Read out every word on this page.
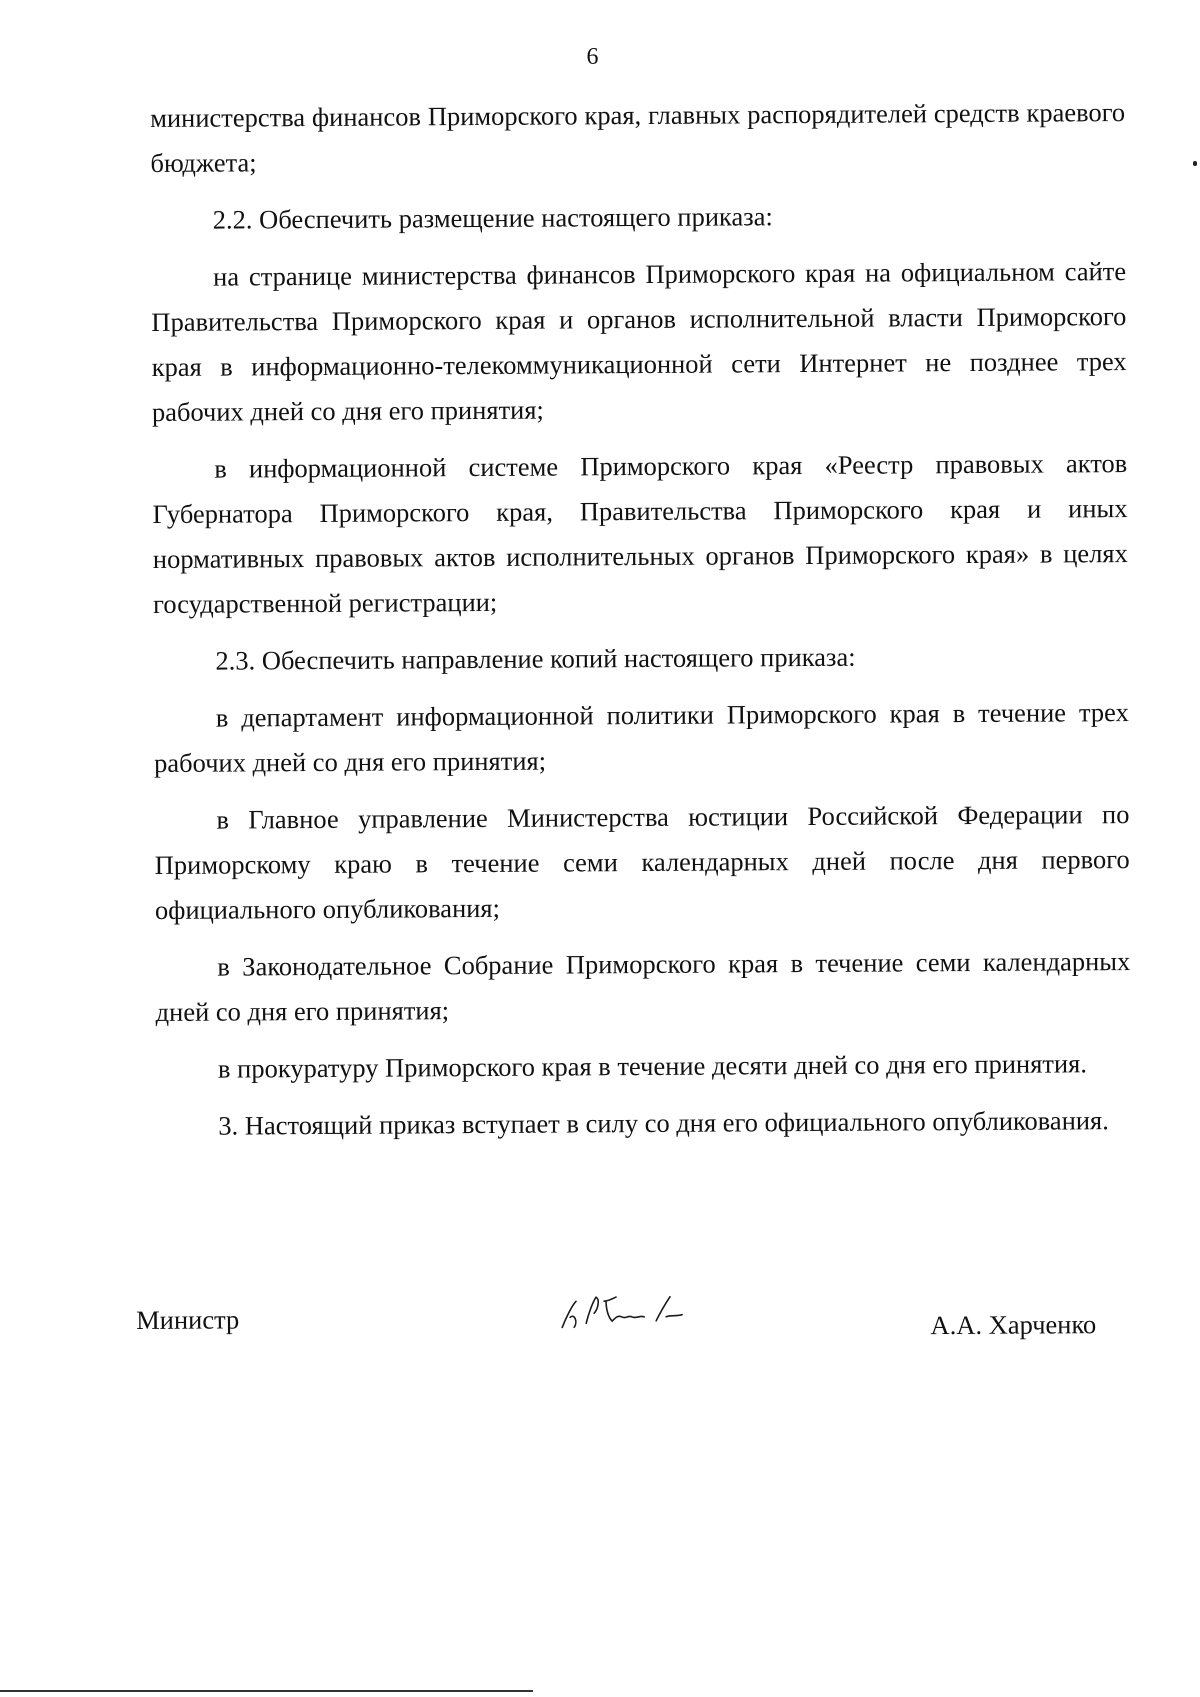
6

министерства финансов Приморского края, главных распорядителей средств краевого бюджета;

2.2. Обеспечить размещение настоящего приказа:

на странице министерства финансов Приморского края на официальном сайте Правительства Приморского края и органов исполнительной власти Приморского края в информационно-телекоммуникационной сети Интернет не позднее трех рабочих дней со дня его принятия;

в информационной системе Приморского края «Реестр правовых актов Губернатора Приморского края, Правительства Приморского края и иных нормативных правовых актов исполнительных органов Приморского края» в целях государственной регистрации;

2.3. Обеспечить направление копий настоящего приказа:

в департамент информационной политики Приморского края в течение трех рабочих дней со дня его принятия;

в Главное управление Министерства юстиции Российской Федерации по Приморскому краю в течение семи календарных дней после дня первого официального опубликования;

в Законодательное Собрание Приморского края в течение семи календарных дней со дня его принятия;

в прокуратуру Приморского края в течение десяти дней со дня его принятия.

3. Настоящий приказ вступает в силу со дня его официального опубликования.

Министр	А.А. Харченко
